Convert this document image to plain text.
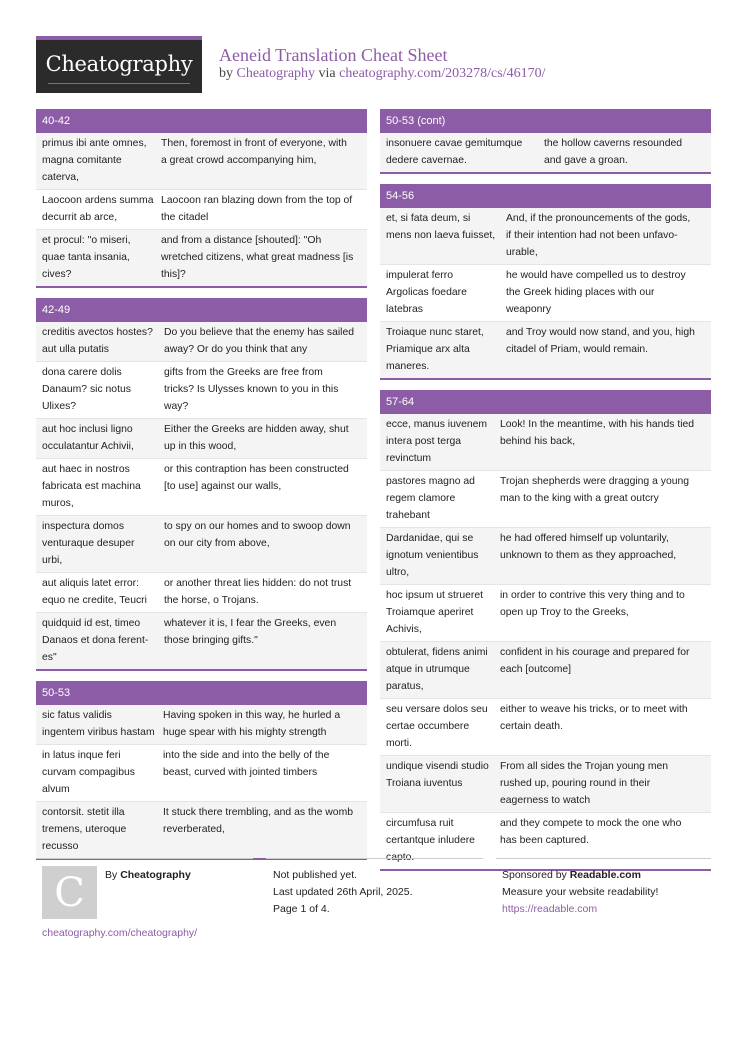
Cheatography	Aeneid Translation Cheat Sheet
by Cheatography via cheatography.com/203278/cs/46170/
40-42
primus ibi ante omnes,
magna comitante
caterva,
Then, foremost in front of everyone, with
a great crowd accompanying him,
Laocoon ardens summa
decurrit ab arce,
Laocoon ran blazing down from the top of
the citadel
et procul: "o miseri,
quae tanta insania,
cives?
and from a distance [shouted]: "Oh
wretched citizens, what great madness [is
this]?
42-49
creditis avectos hostes?
aut ulla putatis
Do you believe that the enemy has sailed
away? Or do you think that any
dona carere dolis
Danaum? sic notus
Ulixes?
gifts from the Greeks are free from
tricks? Is Ulysses known to you in this
way?
aut hoc inclusi ligno
occulatantur Achivii,
Either the Greeks are hidden away, shut
up in this wood,
aut haec in nostros
fabricata est machina
muros,
or this contraption has been constructed
[to use] against our walls,
inspectura domos
venturaque desuper
urbi,
to spy on our homes and to swoop down
on our city from above,
aut aliquis latet error:
equo ne credite, Teucri
or another threat lies hidden: do not trust
the horse, o Trojans.
quidquid id est, timeo
Danaos et dona ferent-
es"
whatever it is, I fear the Greeks, even
those bringing gifts."
50-53
sic fatus validis
ingentem viribus hastam
Having spoken in this way, he hurled a
huge spear with his mighty strength
in latus inque feri
curvam compagibus
alvum
into the side and into the belly of the
beast, curved with jointed timbers
contorsit. stetit illa
tremens, uteroque
recusso
It stuck there trembling, and as the womb
reverberated,
50-53 (cont)
insonuere cavae gemitumque
dedere cavernae.
the hollow caverns resounded
and gave a groan.
54-56
et, si fata deum, si
mens non laeva fuisset,
And, if the pronouncements of the gods,
if their intention had not been unfavo-
urable,
impulerat ferro
Argolicas foedare
latebras
he would have compelled us to destroy
the Greek hiding places with our
weaponry
Troiaque nunc staret,
Priamique arx alta
maneres.
and Troy would now stand, and you, high
citadel of Priam, would remain.
57-64
ecce, manus iuvenem
intera post terga
revinctum
Look! In the meantime, with his hands tied
behind his back,
pastores magno ad
regem clamore
trahebant
Trojan shepherds were dragging a young
man to the king with a great outcry
Dardanidae, qui se
ignotum venientibus
ultro,
he had offered himself up voluntarily,
unknown to them as they approached,
hoc ipsum ut strueret
Troiamque aperiret
Achivis,
in order to contrive this very thing and to
open up Troy to the Greeks,
obtulerat, fidens animi
atque in utrumque
paratus,
confident in his courage and prepared for
each [outcome]
seu versare dolos seu
certae occumbere
morti.
either to weave his tricks, or to meet with
certain death.
undique visendi studio
Troiana iuventus
From all sides the Trojan young men
rushed up, pouring round in their
eagerness to watch
circumfusa ruit
certantque inludere
and they compete to mock the one who
has been captured.
C	By Cheatography
cheatography.com/cheatography/
Not published yet.
Last updated 26th April, 2025.
Page 1 of 4.
Sponsored by Readable.com
Measure your website readability!
https://readable.com
